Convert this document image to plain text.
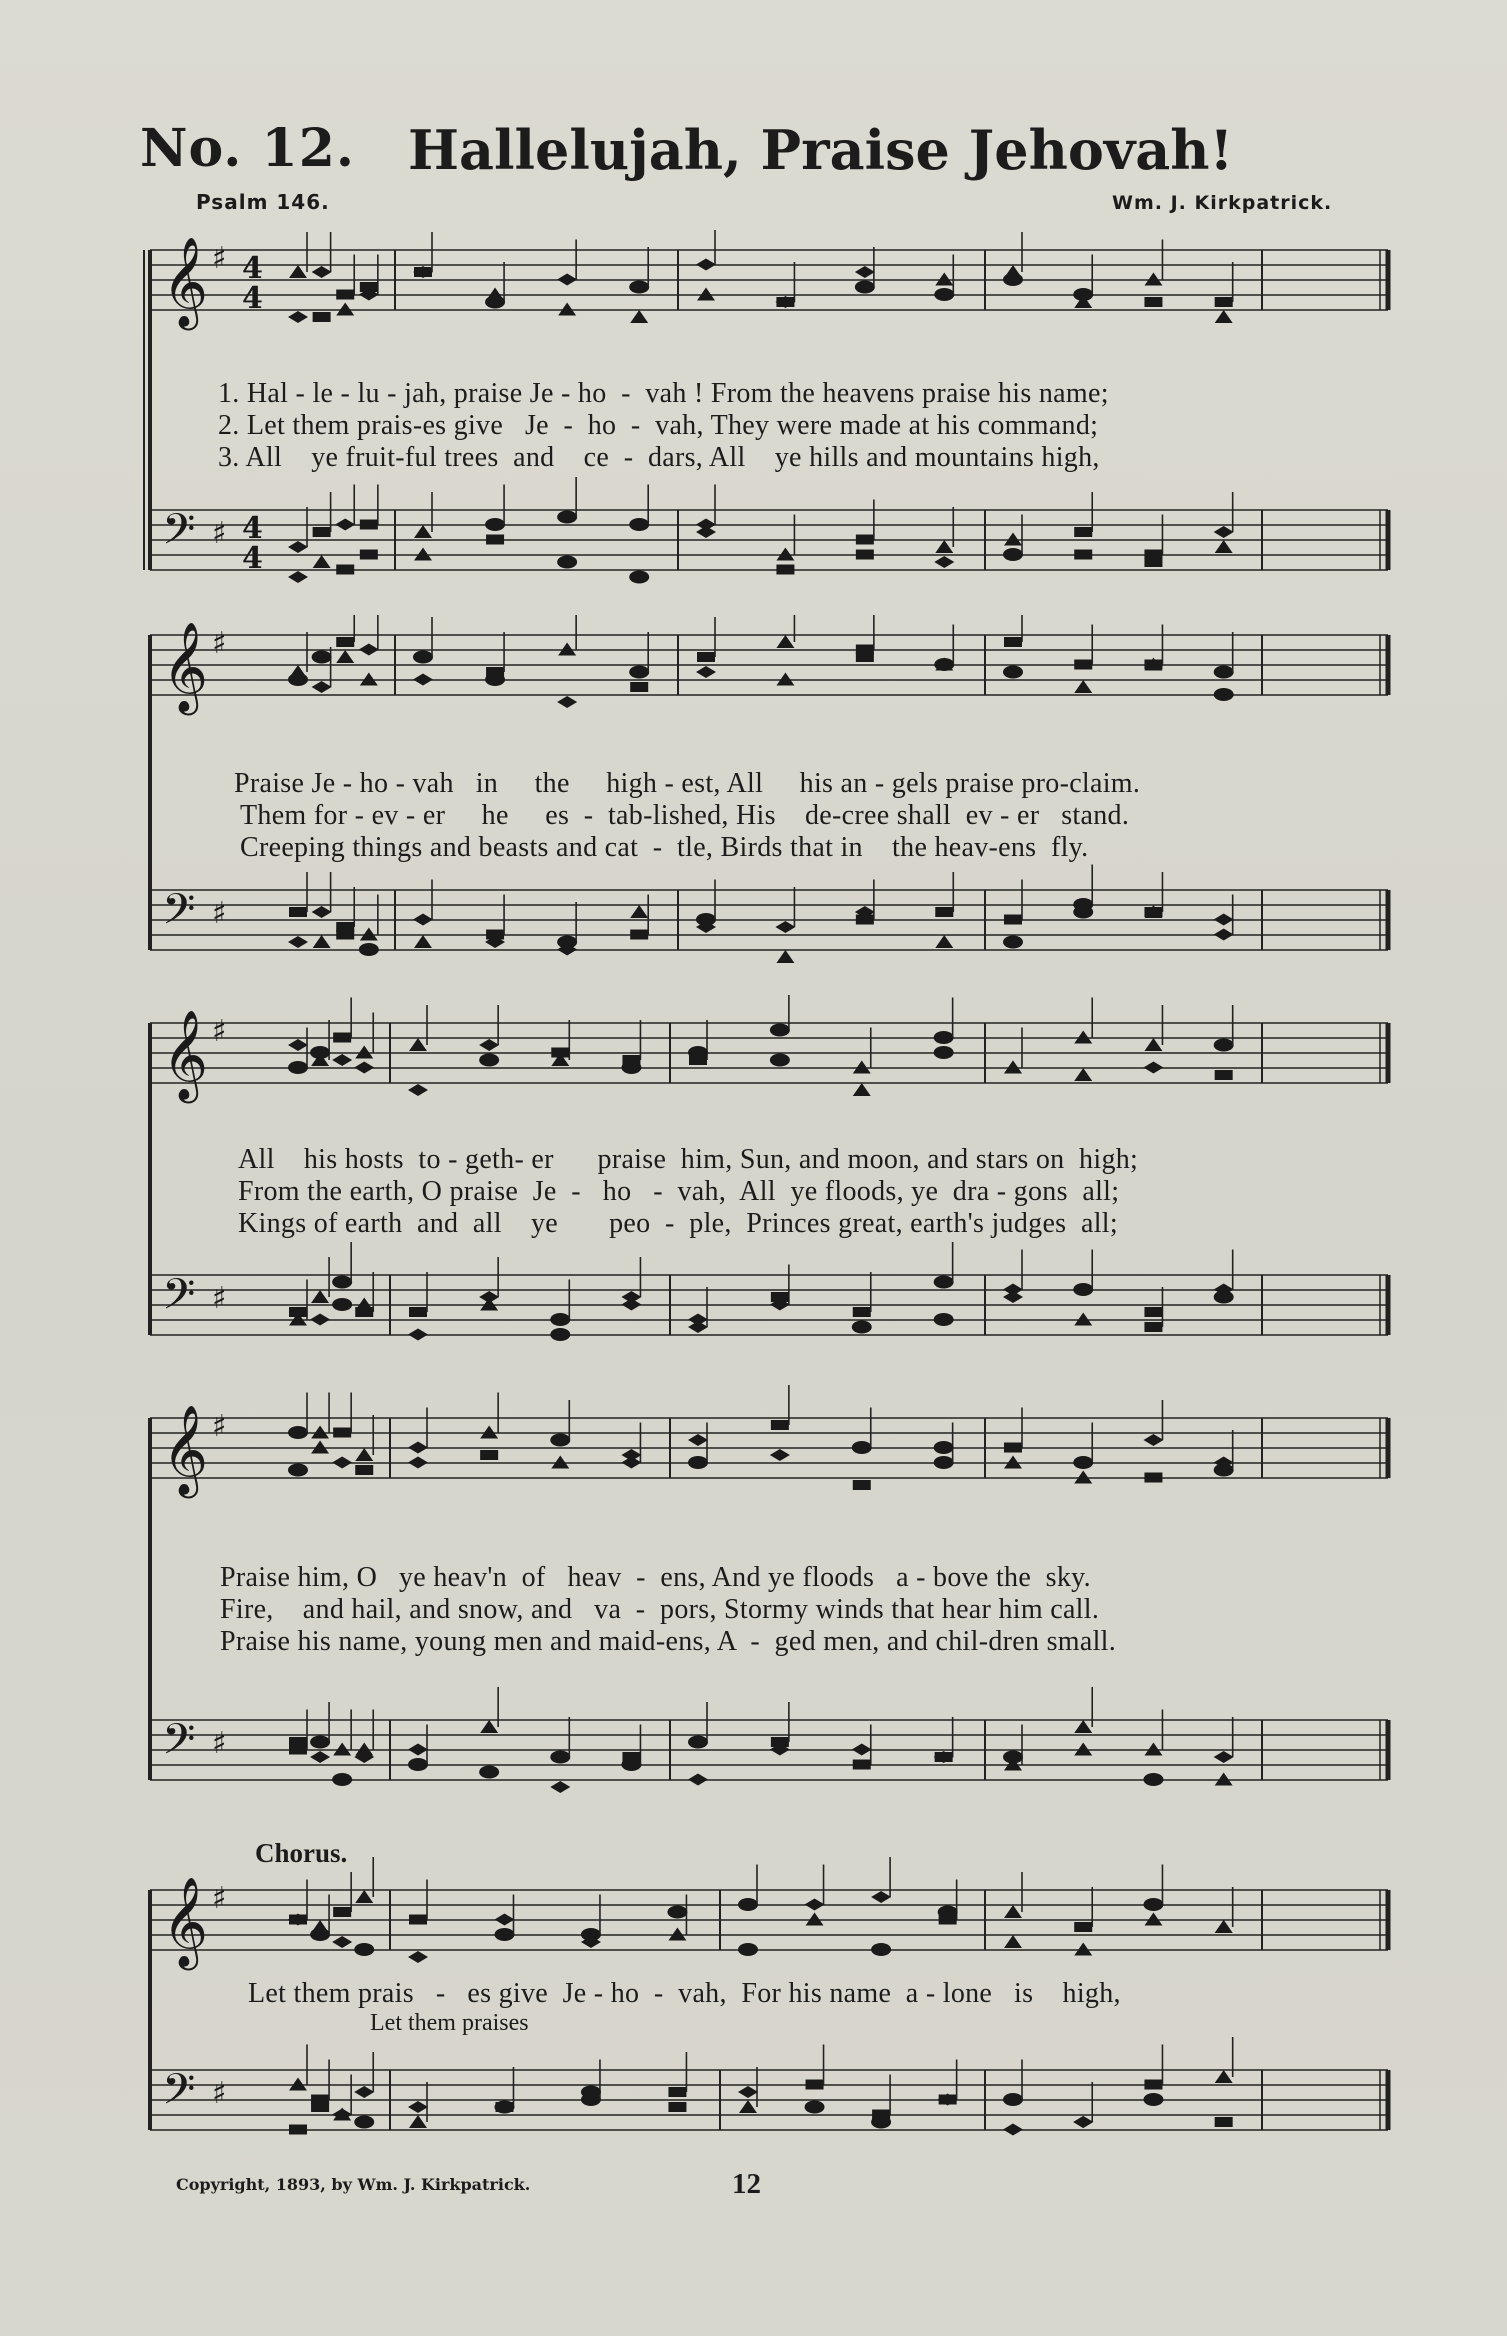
No. 12. Hallelujah, Praise Jehovah!
Psalm 146.	Wm. J. Kirkpatrick.
𝄞 ♯
𝄢 ♯
4
4
4
4
1. Hal - le - lu - jah, praise Je - ho  -  vah ! From the heavens praise his name;
2. Let them prais-es give   Je  -  ho  -  vah, They were made at his command;
3. All    ye fruit-ful trees  and    ce  -  dars, All    ye hills and mountains high,
𝄞 ♯
𝄢 ♯
Praise Je - ho - vah   in     the     high - est, All     his an - gels praise pro-claim.
Them for - ev - er     he     es  -  tab-lished, His    de-cree shall  ev - er   stand.
Creeping things and beasts and cat  -  tle, Birds that in    the heav-ens  fly.
𝄞 ♯
𝄢 ♯
All    his hosts  to - geth- er      praise  him, Sun, and moon, and stars on  high;
From the earth, O praise  Je  -   ho   -  vah,  All  ye floods, ye  dra - gons  all;
Kings of earth  and  all    ye       peo  -  ple,  Princes great, earth's judges  all;
𝄞 ♯
𝄢 ♯
Praise him, O   ye heav'n  of   heav  -  ens, And ye floods   a - bove the  sky.
Fire,    and hail, and snow, and   va  -  pors, Stormy winds that hear him call.
Praise his name, young men and maid-ens, A  -  ged men, and chil-dren small.
Chorus.
𝄞 ♯
𝄢 ♯
Let them prais   -   es give  Je - ho  -  vah,  For his name  a - lone   is    high,
Let them praises
Copyright, 1893, by Wm. J. Kirkpatrick.	12
